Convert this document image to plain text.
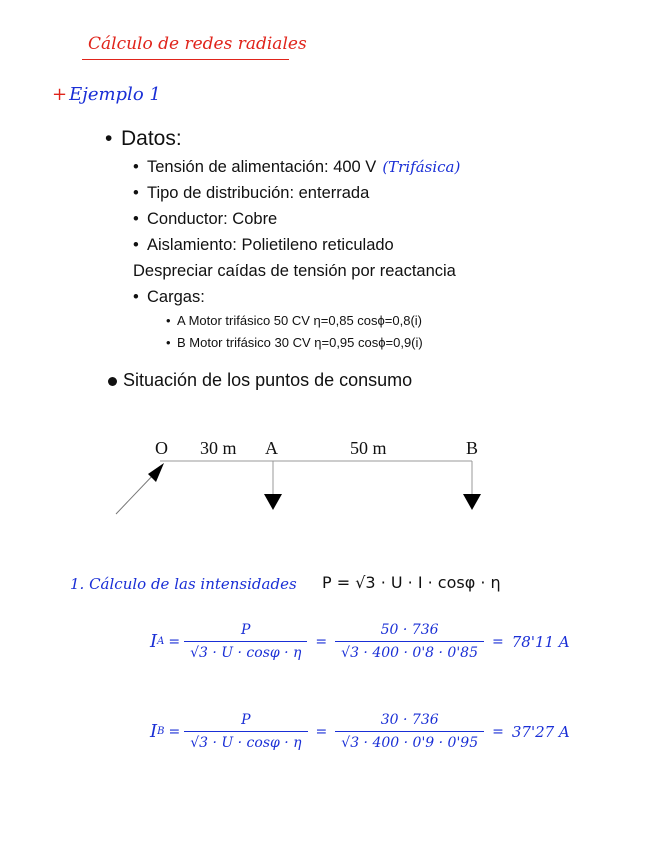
Cálculo de redes radiales
+ Ejemplo 1
• Datos:
• Tensión de alimentación: 400 V (Trifásica)
• Tipo de distribución: enterrada
• Conductor: Cobre
• Aislamiento: Polietileno reticulado
Despreciar caídas de tensión por reactancia
• Cargas:
• A Motor trifásico 50 CV η=0,85 cosϕ=0,8(i)
• B Motor trifásico 30 CV η=0,95 cosϕ=0,9(i)
Situación de los puntos de consumo
O 30 m A	50 m	B
1. Cálculo de las intensidades P = √3 · U · I · cosφ · η
I $A = \frac{P}{√3 \cdot U \cdot \cos\varphi \cdot \eta} = \frac{50 \cdot 736}{√3 \cdot 400 \cdot 0'8 \cdot 0'85} = 78'11$ A
I $B = \frac{P}{√3 \cdot U \cdot \cos\varphi \cdot \eta} = \frac{30 \cdot 736}{√3 \cdot 400 \cdot 0'9 \cdot 0'95} = 37'27$ A
